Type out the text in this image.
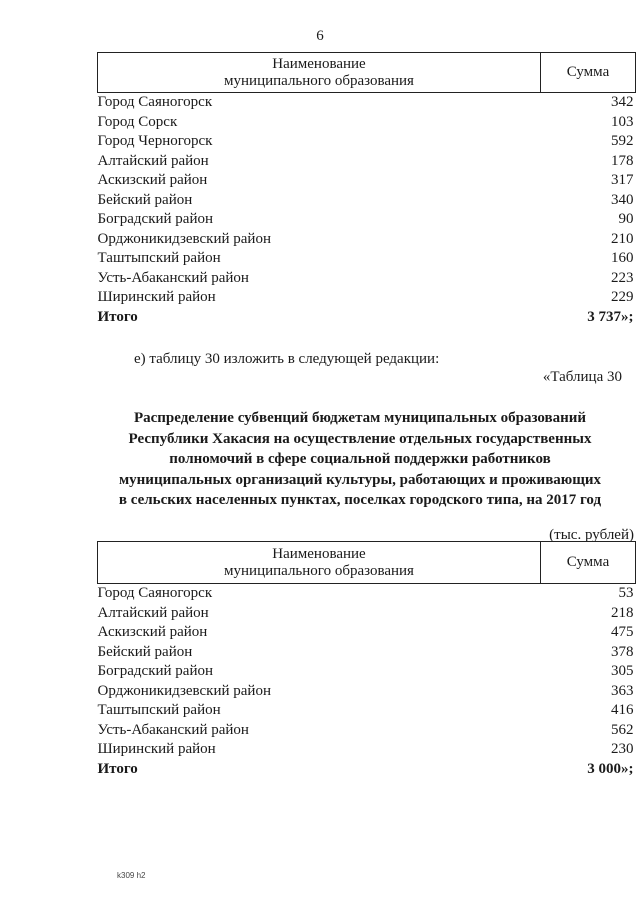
6
Наименование
муниципального образования	Сумма
Город Саяногорск	342
Город Сорск	103
Город Черногорск	592
Алтайский район	178
Аскизский район	317
Бейский район	340
Боградский район	90
Орджоникидзевский район	210
Таштыпский район	160
Усть-Абаканский район	223
Ширинский район	229
Итого	3 737»;
е) таблицу 30 изложить в следующей редакции:
«Таблица 30
Распределение субвенций бюджетам муниципальных образований
Республики Хакасия на осуществление отдельных государственных
полномочий в сфере социальной поддержки работников
муниципальных организаций культуры, работающих и проживающих
в сельских населенных пунктах, поселках городского типа, на 2017 год
(тыс. рублей)
Наименование
муниципального образования	Сумма
Город Саяногорск	53
Алтайский район	218
Аскизский район	475
Бейский район	378
Боградский район	305
Орджоникидзевский район	363
Таштыпский район	416
Усть-Абаканский район	562
Ширинский район	230
Итого	3 000»;
k309 h2
